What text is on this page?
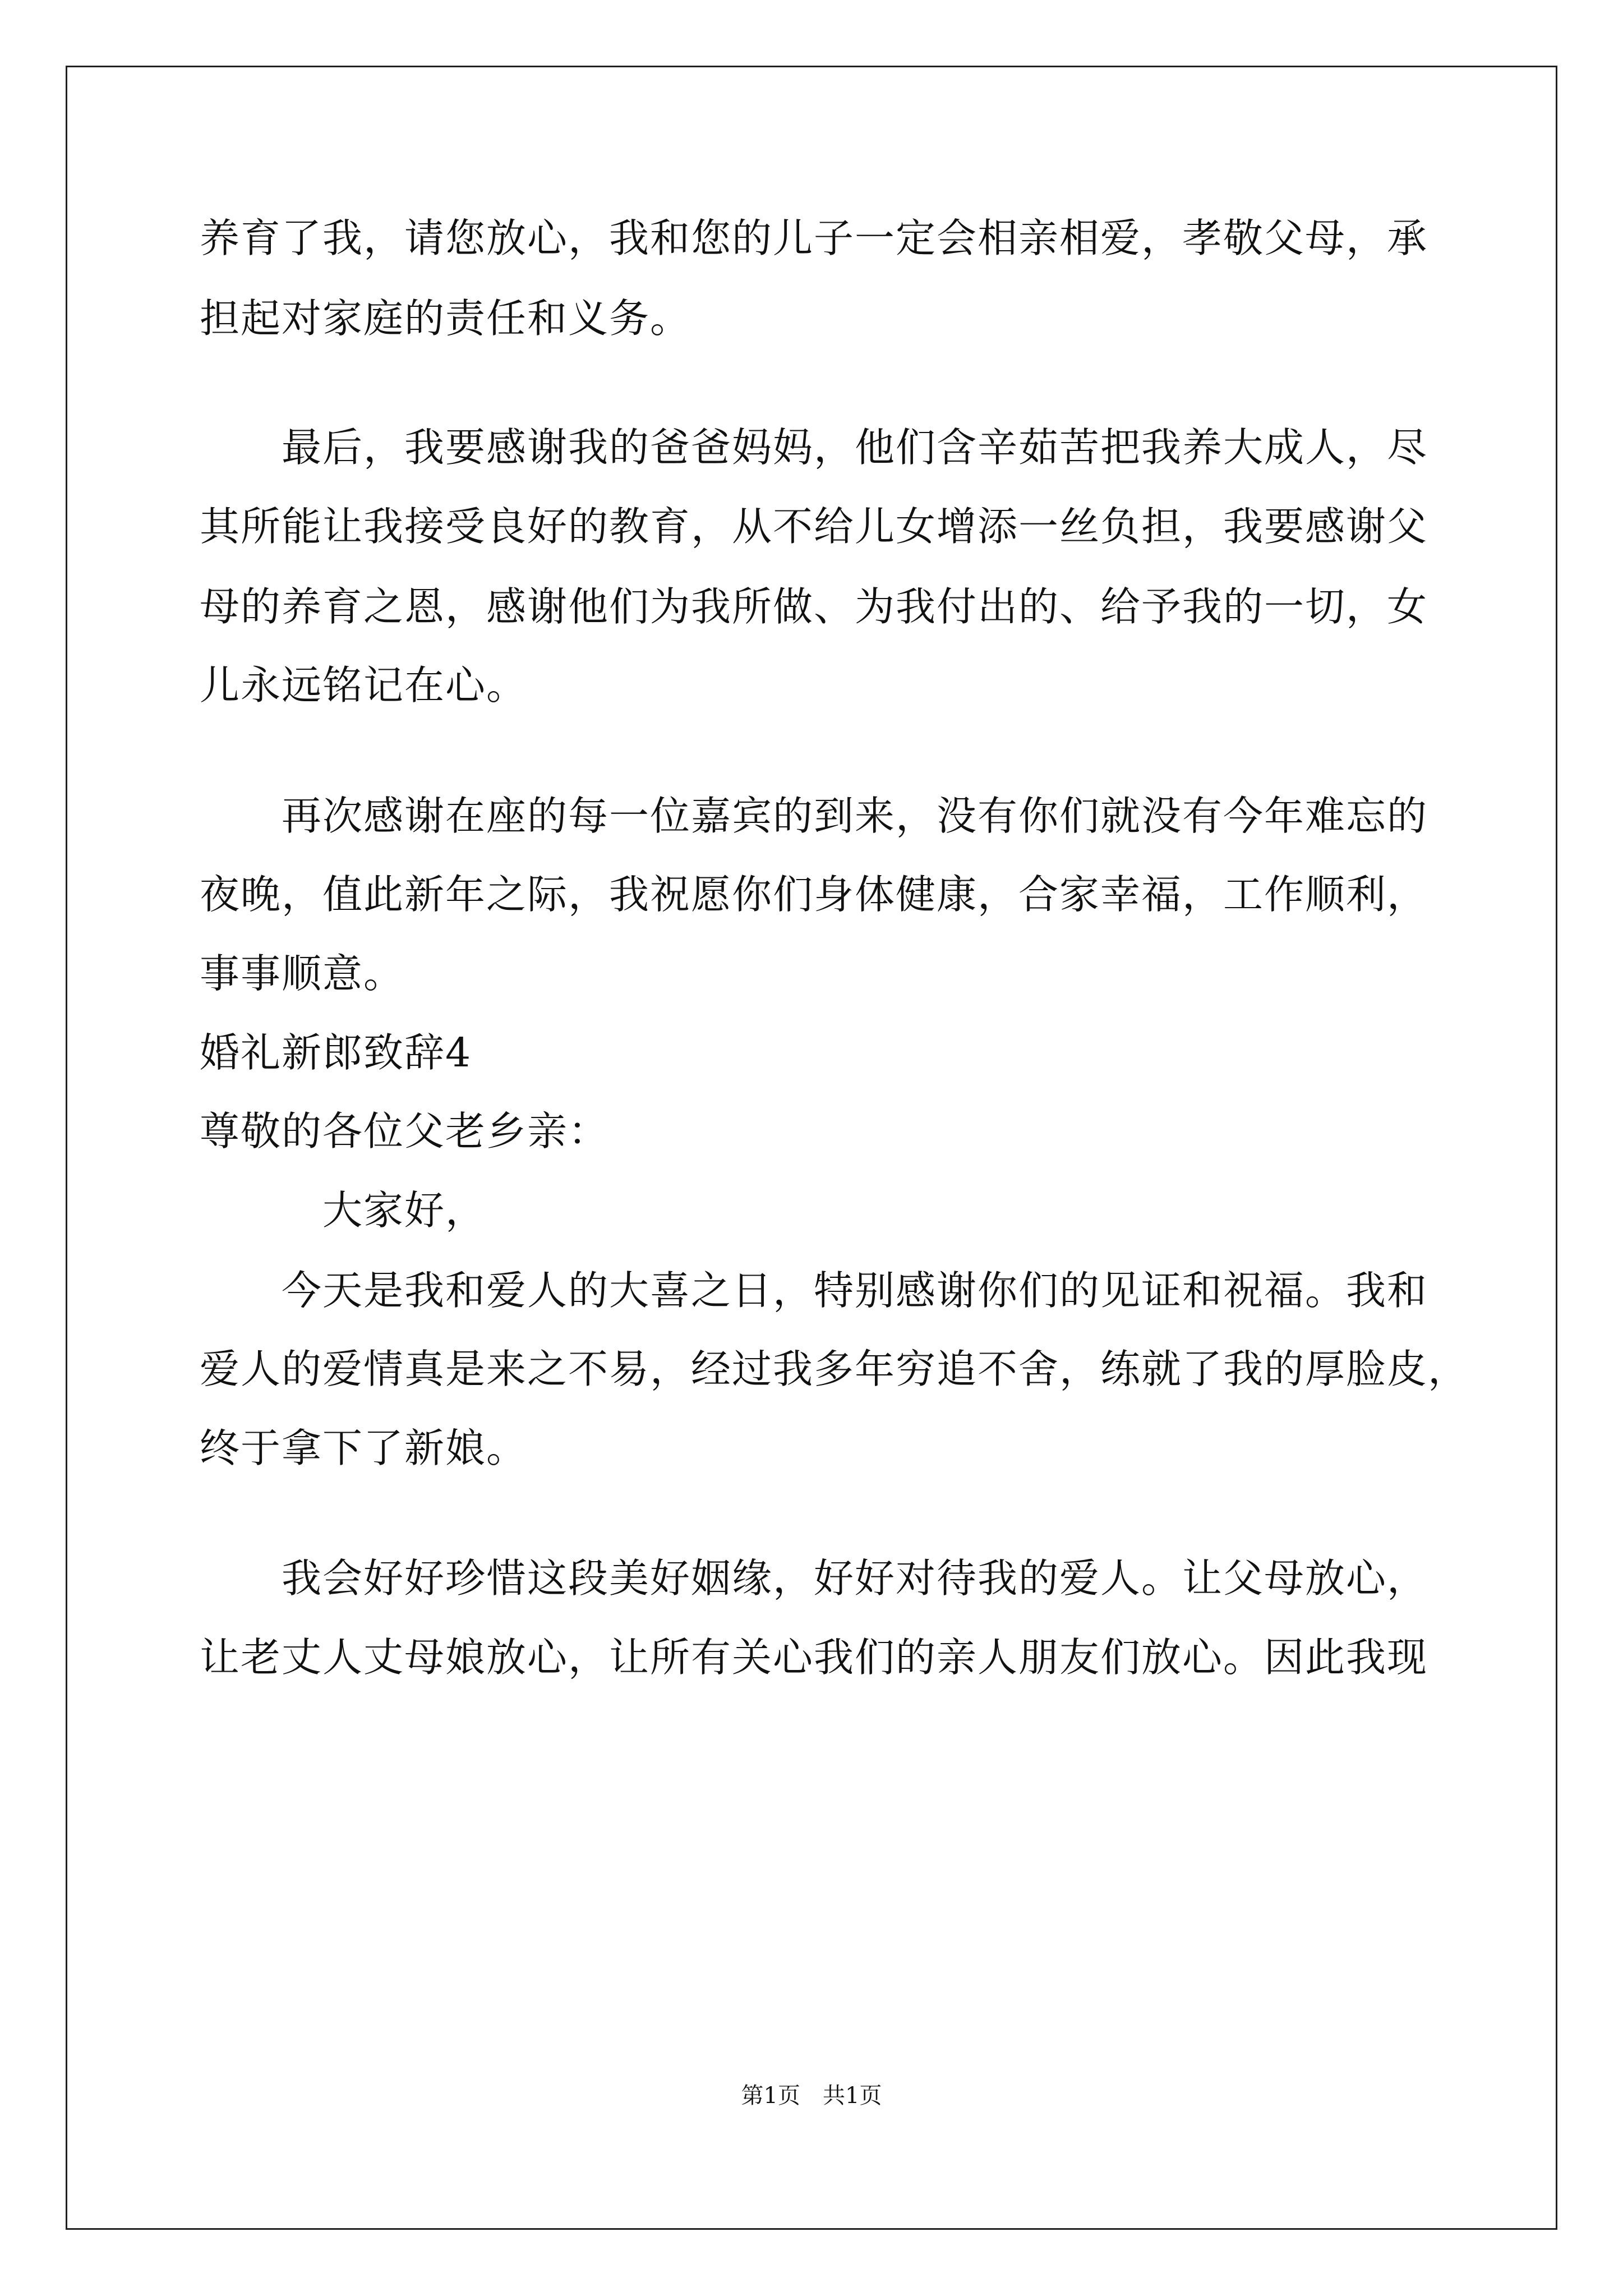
养育了我，请您放心，我和您的儿子一定会相亲相爱，孝敬父母，承
担起对家庭的责任和义务。
　　最后，我要感谢我的爸爸妈妈，他们含辛茹苦把我养大成人，尽
其所能让我接受良好的教育，从不给儿女增添一丝负担，我要感谢父
母的养育之恩，感谢他们为我所做、为我付出的、给予我的一切，女
儿永远铭记在心。
　　再次感谢在座的每一位嘉宾的到来，没有你们就没有今年难忘的
夜晚，值此新年之际，我祝愿你们身体健康，合家幸福，工作顺利，
事事顺意。
婚礼新郎致辞4
尊敬的各位父老乡亲：
　　　大家好，
　　今天是我和爱人的大喜之日，特别感谢你们的见证和祝福。我和
爱人的爱情真是来之不易，经过我多年穷追不舍，练就了我的厚脸皮，
终于拿下了新娘。
　　我会好好珍惜这段美好姻缘，好好对待我的爱人。让父母放心，
让老丈人丈母娘放心，让所有关心我们的亲人朋友们放心。因此我现
第1页　共1页
